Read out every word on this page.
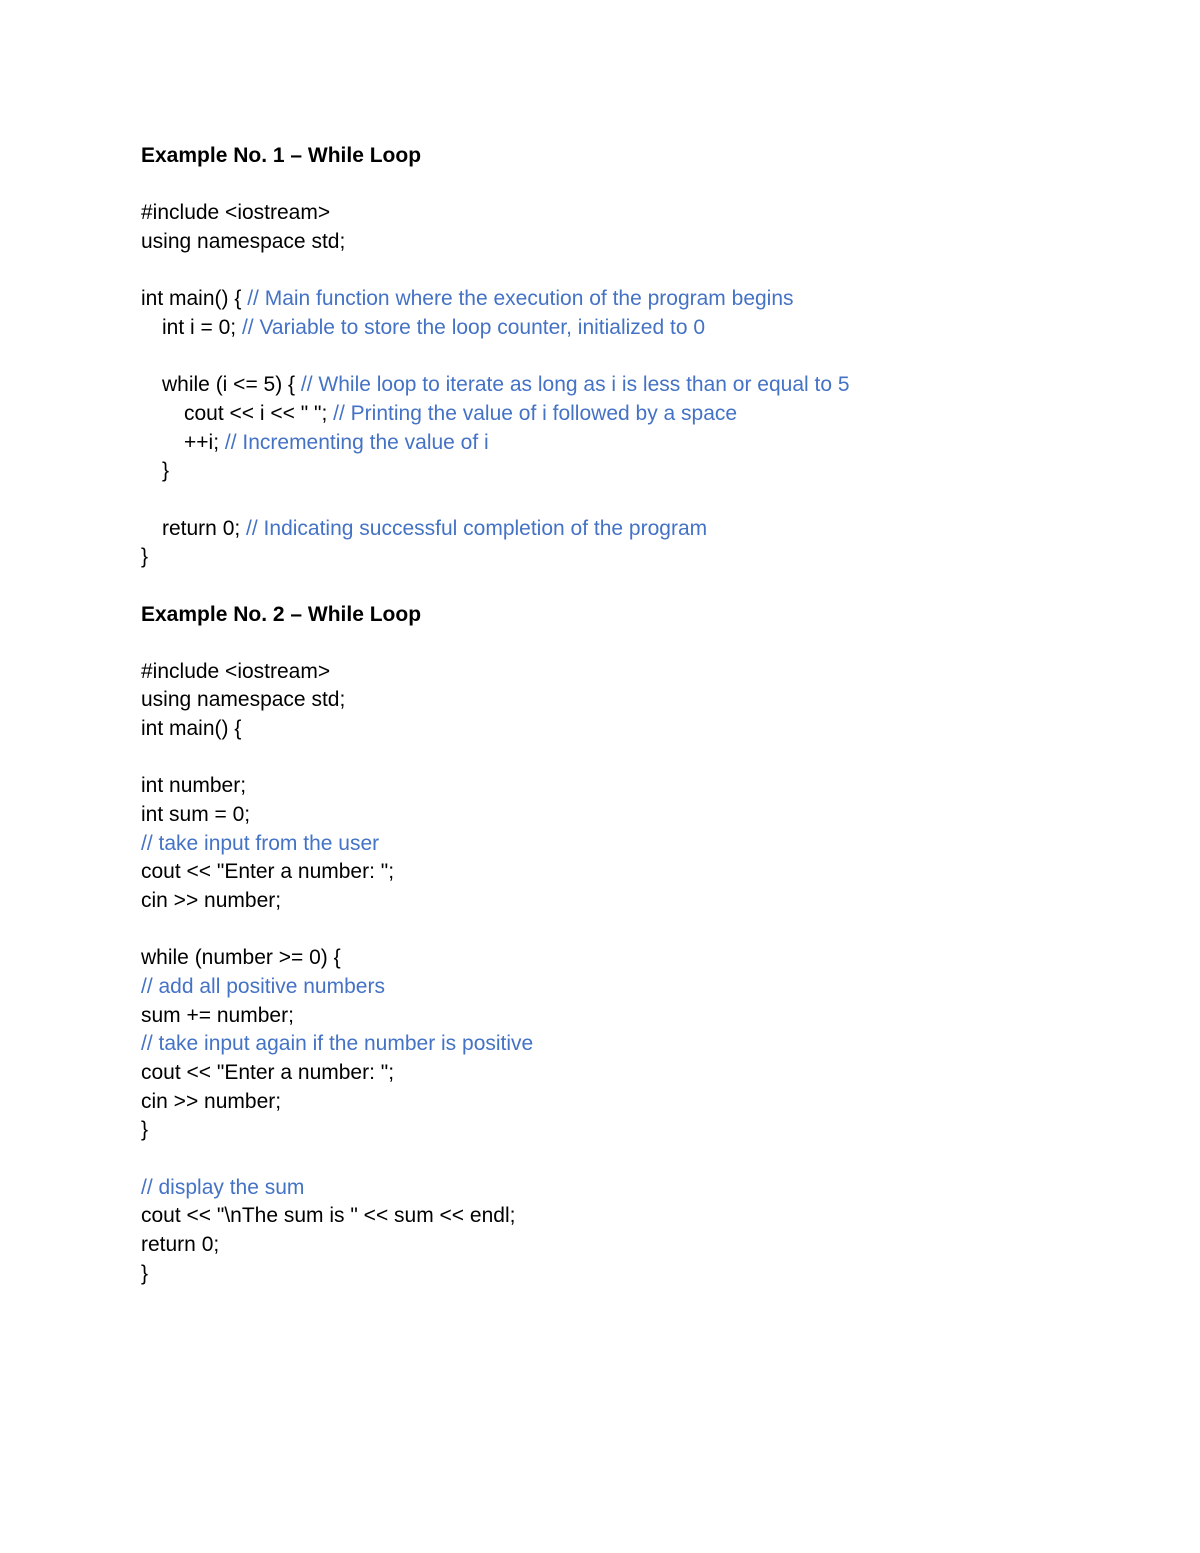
Example No. 1 – While Loop
#include <iostream>
using namespace std;
int main() { // Main function where the execution of the program begins
int i = 0; // Variable to store the loop counter, initialized to 0
while (i <= 5) { // While loop to iterate as long as i is less than or equal to 5
cout << i << " "; // Printing the value of i followed by a space
++i; // Incrementing the value of i
}
return 0; // Indicating successful completion of the program
}
Example No. 2 – While Loop
#include <iostream>
using namespace std;
int main() {
int number;
int sum = 0;
// take input from the user
cout << "Enter a number: ";
cin >> number;
while (number >= 0) {
// add all positive numbers
sum += number;
// take input again if the number is positive
cout << "Enter a number: ";
cin >> number;
}
// display the sum
cout << "\nThe sum is " << sum << endl;
return 0;
}
